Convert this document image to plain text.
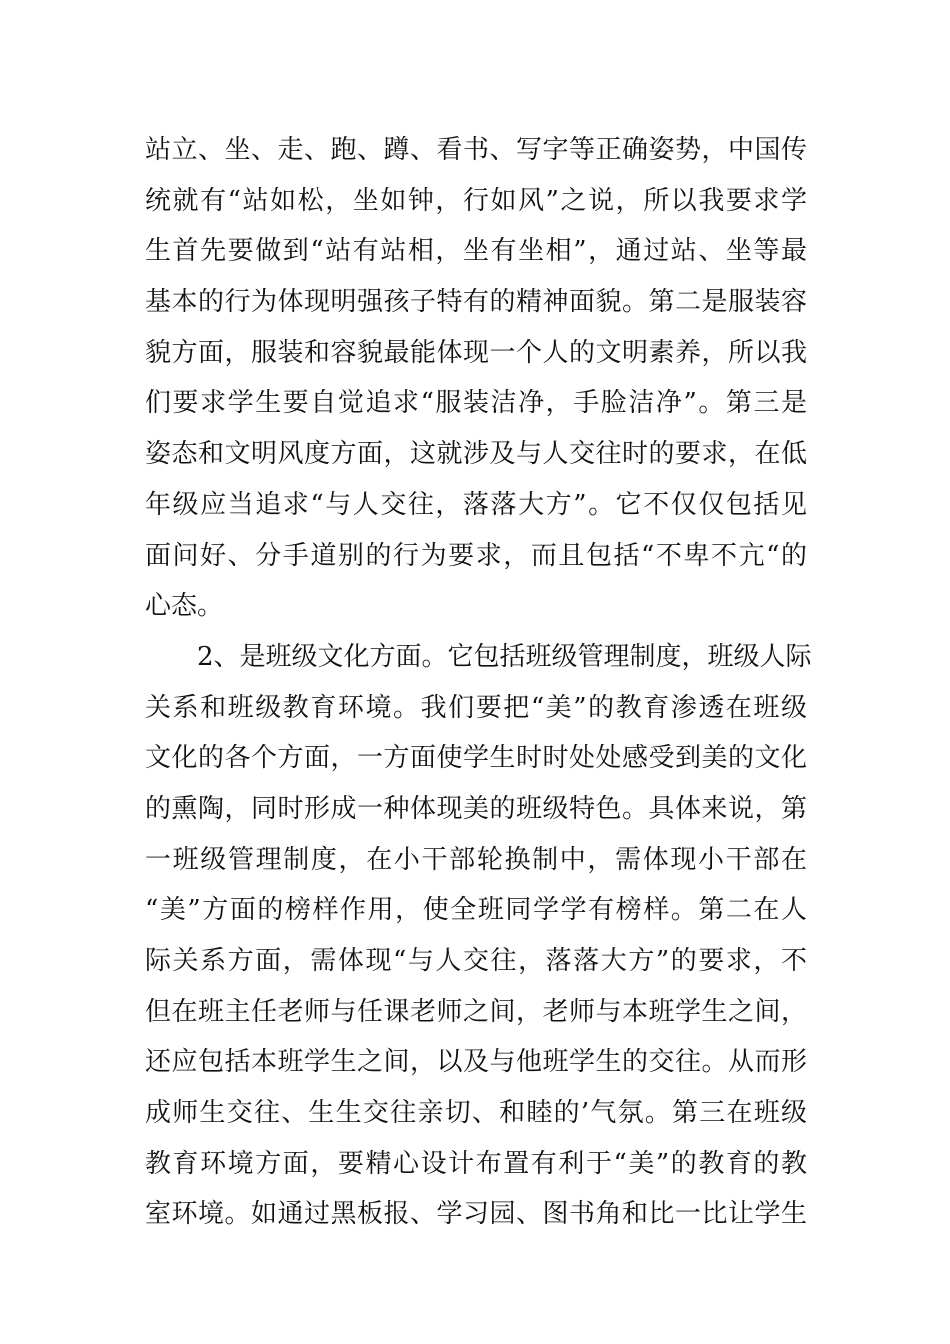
站立、坐、走、跑、蹲、看书、写字等正确姿势，中国传
统就有“站如松，坐如钟，行如风”之说，所以我要求学
生首先要做到“站有站相，坐有坐相”，通过站、坐等最
基本的行为体现明强孩子特有的精神面貌。第二是服装容
貌方面，服装和容貌最能体现一个人的文明素养，所以我
们要求学生要自觉追求“服装洁净，手脸洁净”。第三是
姿态和文明风度方面，这就涉及与人交往时的要求，在低
年级应当追求“与人交往，落落大方”。它不仅仅包括见
面问好、分手道别的行为要求，而且包括“不卑不亢“的
心态。
2、是班级文化方面。它包括班级管理制度，班级人际
关系和班级教育环境。我们要把“美”的教育渗透在班级
文化的各个方面，一方面使学生时时处处感受到美的文化
的熏陶，同时形成一种体现美的班级特色。具体来说，第
一班级管理制度，在小干部轮换制中，需体现小干部在
“美”方面的榜样作用，使全班同学学有榜样。第二在人
际关系方面，需体现“与人交往，落落大方”的要求，不
但在班主任老师与任课老师之间，老师与本班学生之间，
还应包括本班学生之间，以及与他班学生的交往。从而形
成师生交往、生生交往亲切、和睦的’气氛。第三在班级
教育环境方面，要精心设计布置有利于“美”的教育的教
室环境。如通过黑板报、学习园、图书角和比一比让学生
